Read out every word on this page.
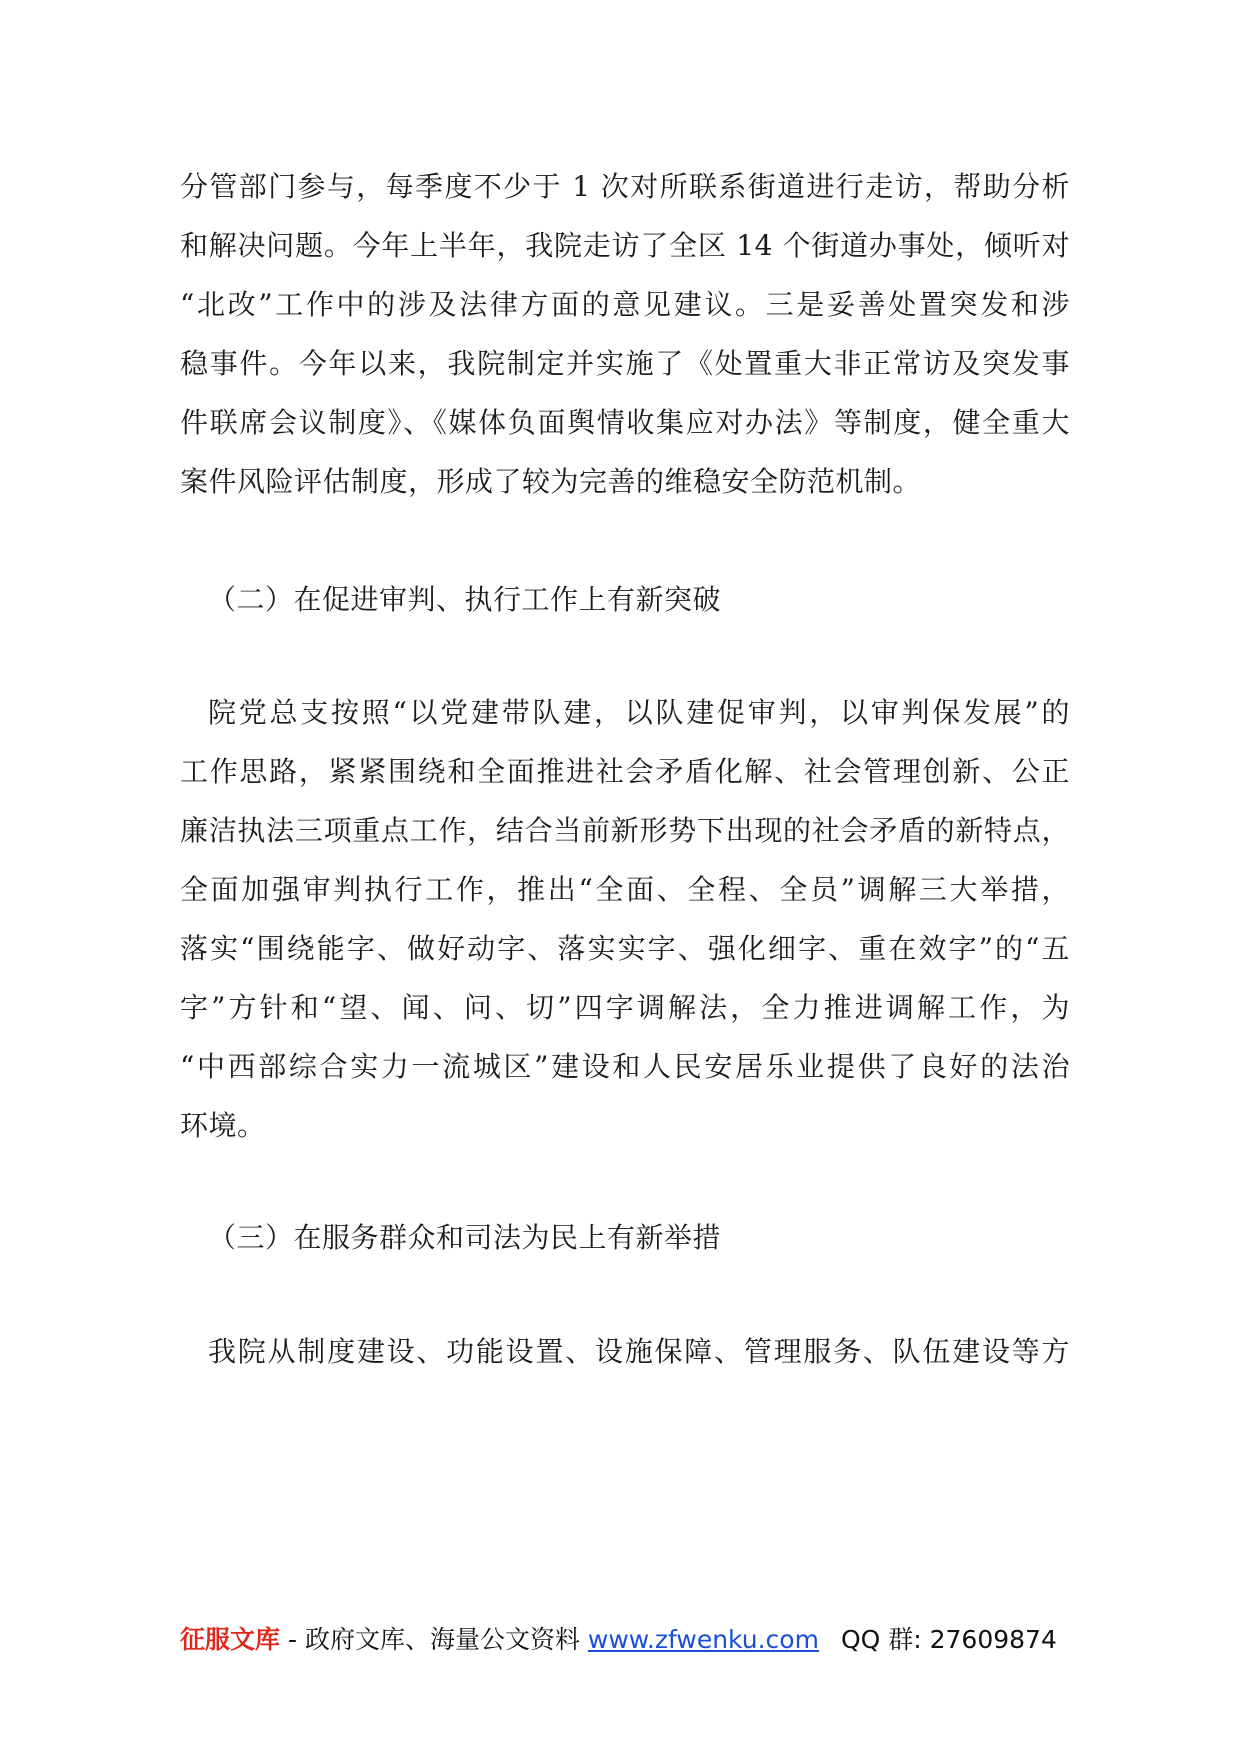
分管部门参与，每季度不少于 1 次对所联系街道进行走访，帮助分析
和解决问题。今年上半年，我院走访了全区 14 个街道办事处，倾听对
“北改”工作中的涉及法律方面的意见建议。三是妥善处置突发和涉
稳事件。今年以来，我院制定并实施了《处置重大非正常访及突发事
件联席会议制度》、《媒体负面舆情收集应对办法》等制度，健全重大
案件风险评估制度，形成了较为完善的维稳安全防范机制。
（二）在促进审判、执行工作上有新突破
院党总支按照“以党建带队建，以队建促审判，以审判保发展”的
工作思路，紧紧围绕和全面推进社会矛盾化解、社会管理创新、公正
廉洁执法三项重点工作，结合当前新形势下出现的社会矛盾的新特点，
全面加强审判执行工作，推出“全面、全程、全员”调解三大举措，
落实“围绕能字、做好动字、落实实字、强化细字、重在效字”的“五
字”方针和“望、闻、问、切”四字调解法，全力推进调解工作，为
“中西部综合实力一流城区”建设和人民安居乐业提供了良好的法治
环境。
（三）在服务群众和司法为民上有新举措
我院从制度建设、功能设置、设施保障、管理服务、队伍建设等方
征服文库 - 政府文库、海量公文资料 www.zfwenku.com QQ 群: 27609874
